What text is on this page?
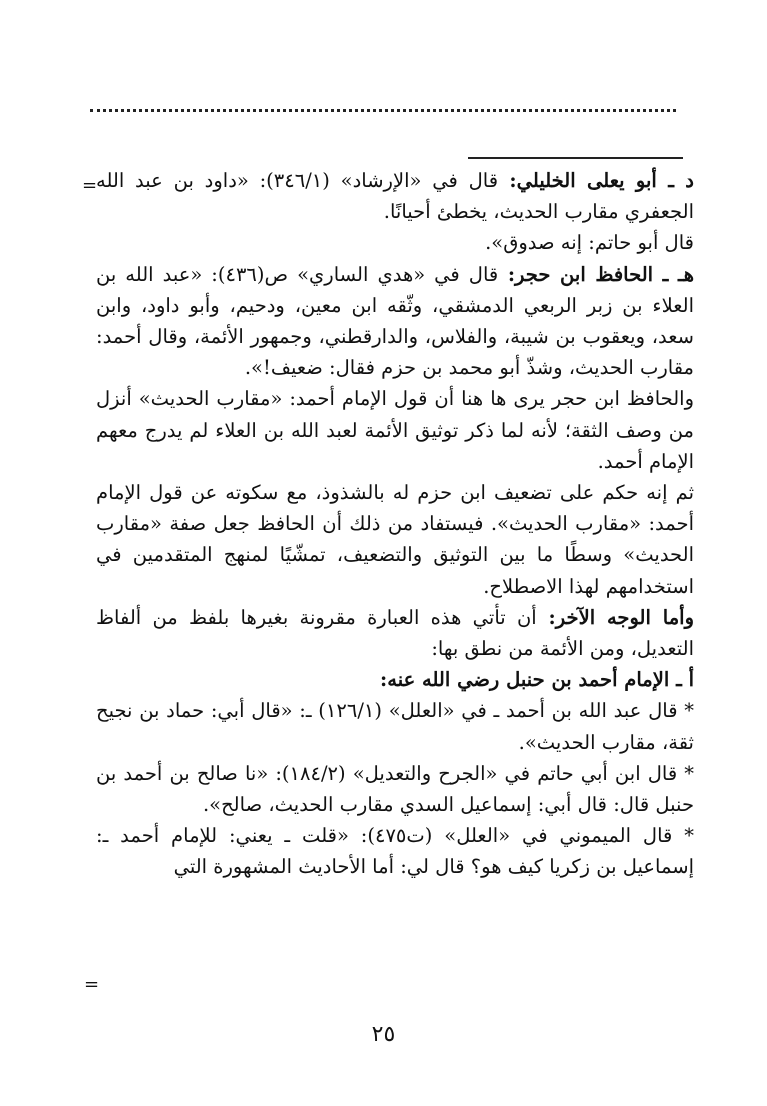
=	د ـ أبو يعلى الخليلي: قال في «الإرشاد» (٣٤٦/١): «داود بن عبد الله الجعفري مقارب الحديث، يخطئ أحيانًا.

قال أبو حاتم: إنه صدوق».

هـ ـ الحافظ ابن حجر: قال في «هدي الساري» ص(٤٣٦): «عبد الله بن العلاء بن زبر الربعي الدمشقي، وثّقه ابن معين، ودحيم، وأبو داود، وابن سعد، ويعقوب بن شيبة، والفلاس، والدارقطني، وجمهور الأئمة، وقال أحمد: مقارب الحديث، وشذّ أبو محمد بن حزم فقال: ضعيف!».

والحافظ ابن حجر يرى ها هنا أن قول الإمام أحمد: «مقارب الحديث» أنزل من وصف الثقة؛ لأنه لما ذكر توثيق الأئمة لعبد الله بن العلاء لم يدرج معهم الإمام أحمد.

ثم إنه حكم على تضعيف ابن حزم له بالشذوذ، مع سكوته عن قول الإمام أحمد: «مقارب الحديث». فيستفاد من ذلك أن الحافظ جعل صفة «مقارب الحديث» وسطًا ما بين التوثيق والتضعيف، تمشّيًا لمنهج المتقدمين في استخدامهم لهذا الاصطلاح.

وأما الوجه الآخر: أن تأتي هذه العبارة مقرونة بغيرها بلفظ من ألفاظ التعديل، ومن الأئمة من نطق بها:

أ ـ الإمام أحمد بن حنبل رضي الله عنه:

* قال عبد الله بن أحمد ـ في «العلل» (١٢٦/١) ـ: «قال أبي: حماد بن نجيح ثقة، مقارب الحديث».

* قال ابن أبي حاتم في «الجرح والتعديل» (١٨٤/٢): «نا صالح بن أحمد بن حنبل قال: قال أبي: إسماعيل السدي مقارب الحديث، صالح».

* قال الميموني في «العلل» (ت٤٧٥): «قلت ـ يعني: للإمام أحمد ـ: إسماعيل بن زكريا كيف هو؟ قال لي: أما الأحاديث المشهورة التي

=
٢٥
